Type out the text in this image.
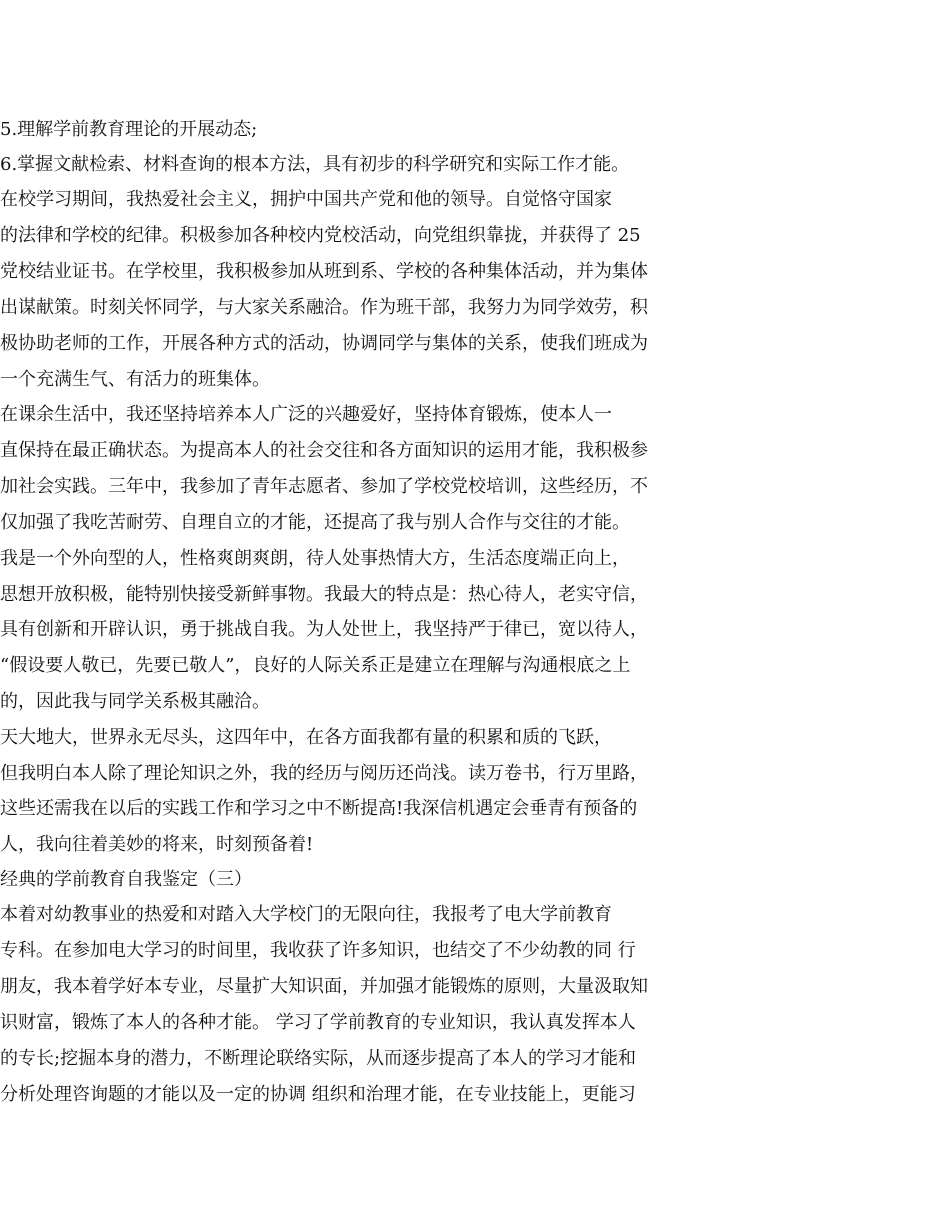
5.理解学前教育理论的开展动态;
6.掌握文献检索、材料查询的根本方法，具有初步的科学研究和实际工作才能。
在校学习期间，我热爱社会主义，拥护中国共产党和他的领导。自觉恪守国家
的法律和学校的纪律。积极参加各种校内党校活动，向党组织靠拢，并获得了 25
党校结业证书。在学校里，我积极参加从班到系、学校的各种集体活动，并为集体
出谋献策。时刻关怀同学，与大家关系融洽。作为班干部，我努力为同学效劳，积
极协助老师的工作，开展各种方式的活动，协调同学与集体的关系，使我们班成为
一个充满生气、有活力的班集体。
在课余生活中，我还坚持培养本人广泛的兴趣爱好，坚持体育锻炼，使本人一
直保持在最正确状态。为提高本人的社会交往和各方面知识的运用才能，我积极参
加社会实践。三年中，我参加了青年志愿者、参加了学校党校培训，这些经历，不
仅加强了我吃苦耐劳、自理自立的才能，还提高了我与别人合作与交往的才能。
我是一个外向型的人，性格爽朗爽朗，待人处事热情大方，生活态度端正向上，
思想开放积极，能特别快接受新鲜事物。我最大的特点是：热心待人，老实守信，
具有创新和开辟认识，勇于挑战自我。为人处世上，我坚持严于律已，宽以待人，
“假设要人敬已，先要已敬人”，良好的人际关系正是建立在理解与沟通根底之上
的，因此我与同学关系极其融洽。
天大地大，世界永无尽头，这四年中，在各方面我都有量的积累和质的飞跃，
但我明白本人除了理论知识之外，我的经历与阅历还尚浅。读万卷书，行万里路，
这些还需我在以后的实践工作和学习之中不断提高!我深信机遇定会垂青有预备的
人，我向往着美妙的将来，时刻预备着!
经典的学前教育自我鉴定（三）
本着对幼教事业的热爱和对踏入大学校门的无限向往，我报考了电大学前教育
专科。在参加电大学习的时间里，我收获了许多知识，也结交了不少幼教的同 行
朋友，我本着学好本专业，尽量扩大知识面，并加强才能锻炼的原则，大量汲取知
识财富，锻炼了本人的各种才能。 学习了学前教育的专业知识，我认真发挥本人
的专长;挖掘本身的潜力，不断理论联络实际，从而逐步提高了本人的学习才能和
分析处理咨询题的才能以及一定的协调 组织和治理才能，在专业技能上，更能习
